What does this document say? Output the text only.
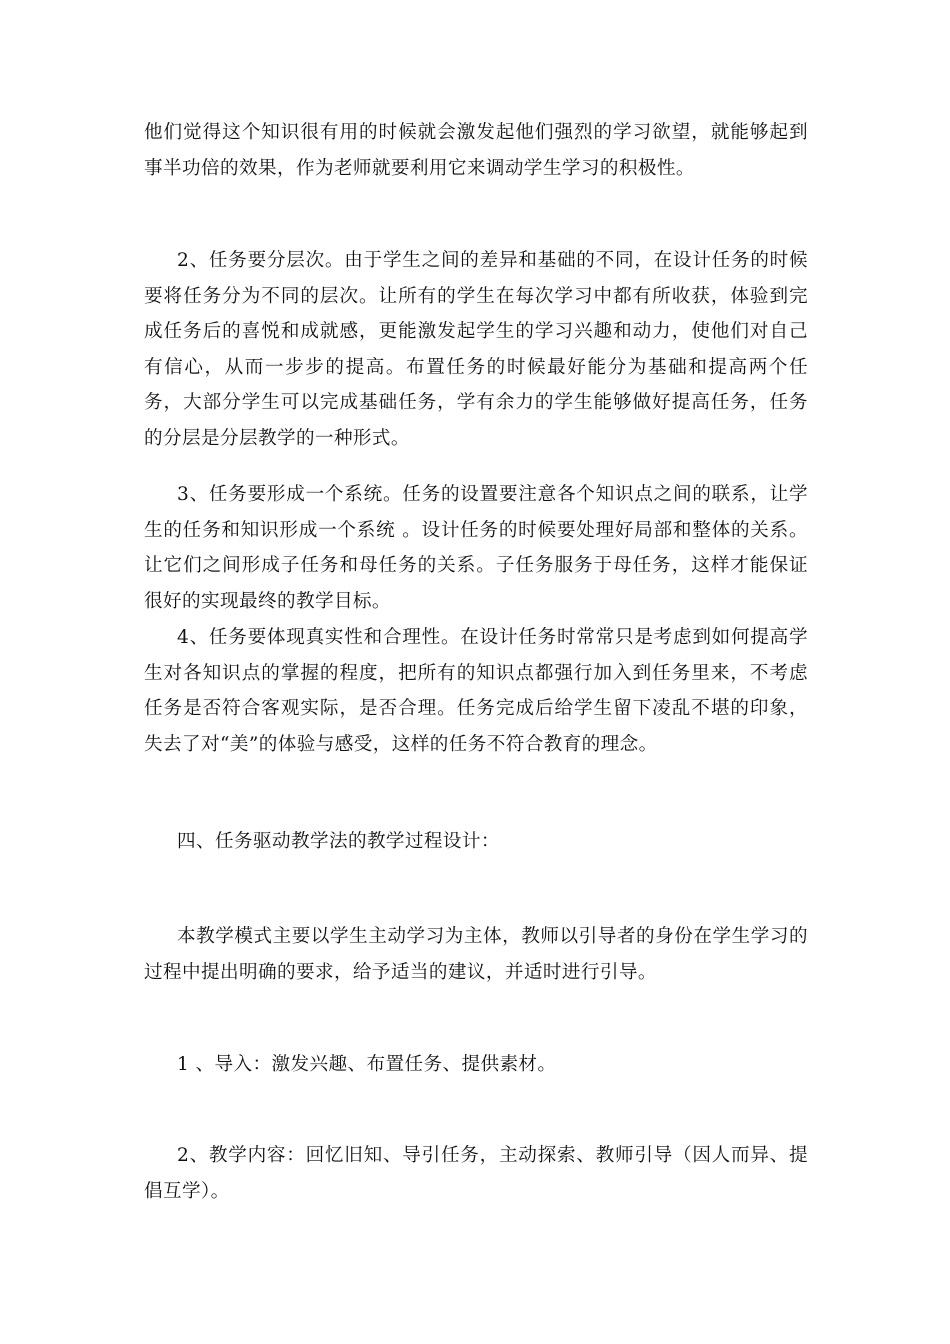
他们觉得这个知识很有用的时候就会激发起他们强烈的学习欲望，就能够起到事半功倍的效果，作为老师就要利用它来调动学生学习的积极性。

2、任务要分层次。由于学生之间的差异和基础的不同，在设计任务的时候要将任务分为不同的层次。让所有的学生在每次学习中都有所收获，体验到完成任务后的喜悦和成就感，更能激发起学生的学习兴趣和动力，使他们对自己有信心，从而一步步的提高。布置任务的时候最好能分为基础和提高两个任务，大部分学生可以完成基础任务，学有余力的学生能够做好提高任务，任务的分层是分层教学的一种形式。

3、任务要形成一个系统。任务的设置要注意各个知识点之间的联系，让学生的任务和知识形成一个系统 。设计任务的时候要处理好局部和整体的关系。让它们之间形成子任务和母任务的关系。子任务服务于母任务，这样才能保证很好的实现最终的教学目标。

4、任务要体现真实性和合理性。在设计任务时常常只是考虑到如何提高学生对各知识点的掌握的程度，把所有的知识点都强行加入到任务里来，不考虑任务是否符合客观实际，是否合理。任务完成后给学生留下凌乱不堪的印象，失去了对“美”的体验与感受，这样的任务不符合教育的理念。

四、任务驱动教学法的教学过程设计：

本教学模式主要以学生主动学习为主体，教师以引导者的身份在学生学习的过程中提出明确的要求，给予适当的建议，并适时进行引导。

1 、导入：激发兴趣、布置任务、提供素材。

2、教学内容：回忆旧知、导引任务，主动探索、教师引导（因人而异、提倡互学）。
